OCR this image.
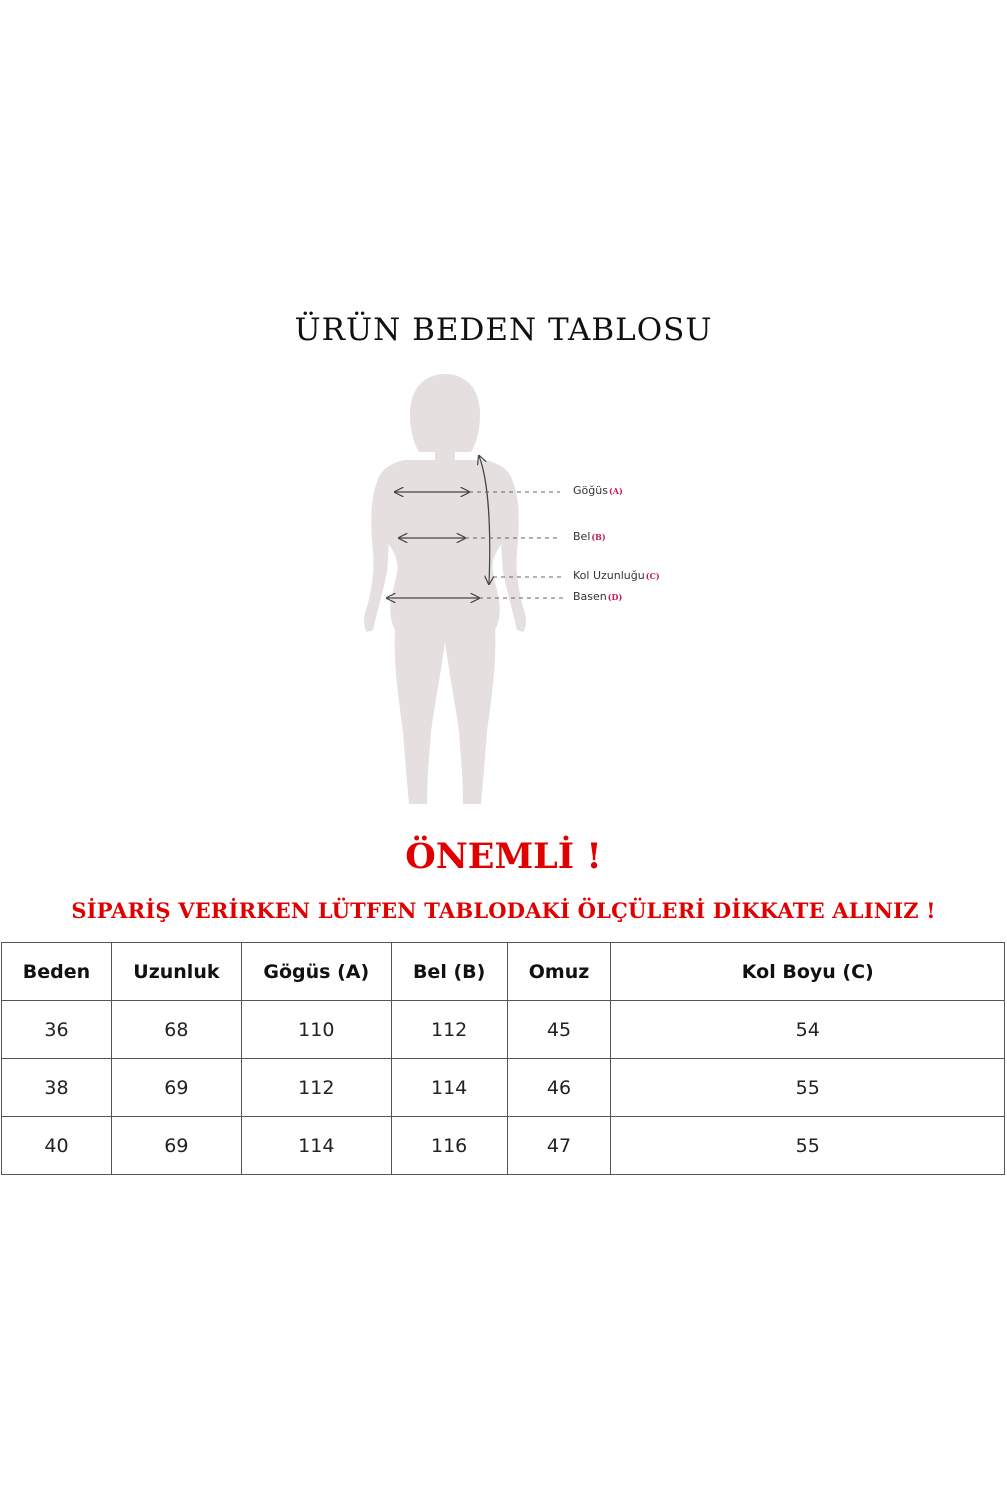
ÜRÜN BEDEN TABLOSU
Göğüs(A)
Bel(B)
Kol Uzunluğu(C)
Basen(D)
ÖNEMLİ !
SİPARİŞ VERİRKEN LÜTFEN TABLODAKİ ÖLÇÜLERİ DİKKATE ALINIZ !
Beden	Uzunluk	Gögüs (A)	Bel (B)	Omuz	Kol Boyu (C)
36	68	110	112	45	54
38	69	112	114	46	55
40	69	114	116	47	55
